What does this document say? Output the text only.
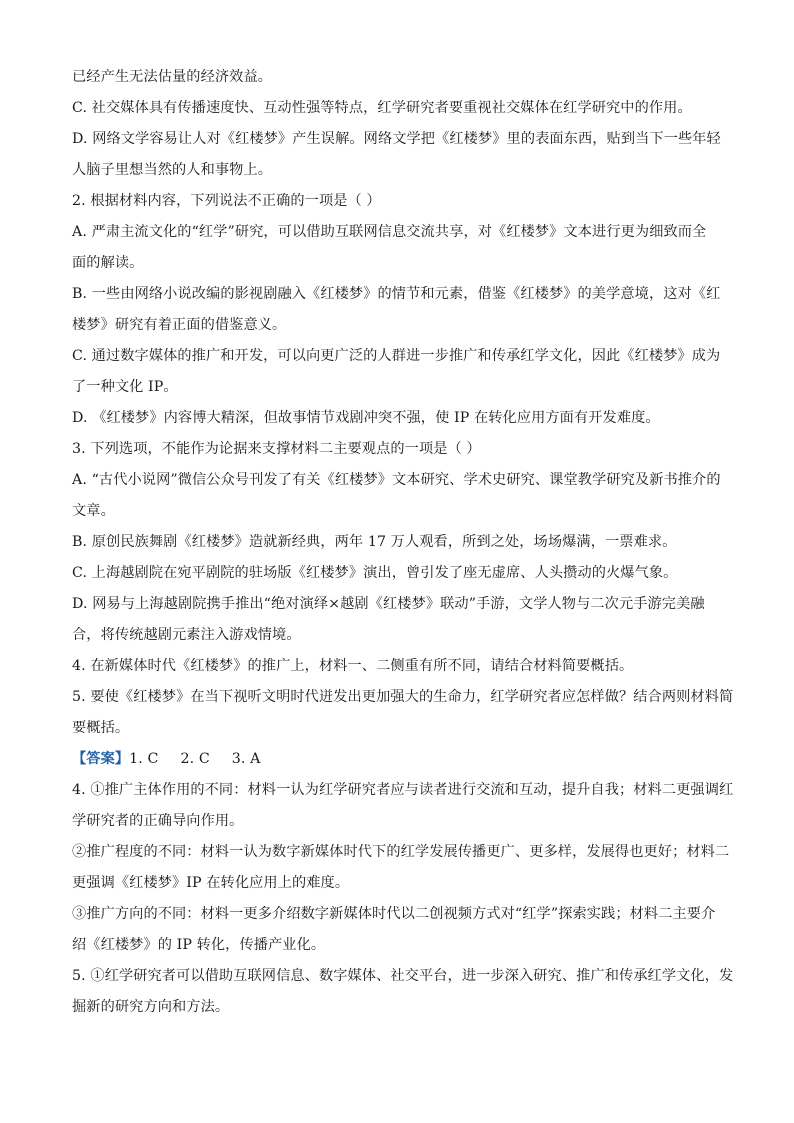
已经产生无法估量的经济效益。
C. 社交媒体具有传播速度快、互动性强等特点，红学研究者要重视社交媒体在红学研究中的作用。
D. 网络文学容易让人对《红楼梦》产生误解。网络文学把《红楼梦》里的表面东西，贴到当下一些年轻
人脑子里想当然的人和事物上。
2. 根据材料内容，下列说法不正确的一项是（ ）
A. 严肃主流文化的“红学”研究，可以借助互联网信息交流共享，对《红楼梦》文本进行更为细致而全
面的解读。
B. 一些由网络小说改编的影视剧融入《红楼梦》的情节和元素，借鉴《红楼梦》的美学意境，这对《红
楼梦》研究有着正面的借鉴意义。
C. 通过数字媒体的推广和开发，可以向更广泛的人群进一步推广和传承红学文化，因此《红楼梦》成为
了一种文化 IP。
D. 《红楼梦》内容博大精深，但故事情节戏剧冲突不强，使 IP 在转化应用方面有开发难度。
3. 下列选项，不能作为论据来支撑材料二主要观点的一项是（ ）
A. “古代小说网”微信公众号刊发了有关《红楼梦》文本研究、学术史研究、课堂教学研究及新书推介的
文章。
B. 原创民族舞剧《红楼梦》造就新经典，两年 17 万人观看，所到之处，场场爆满，一票难求。
C. 上海越剧院在宛平剧院的驻场版《红楼梦》演出，曾引发了座无虚席、人头攒动的火爆气象。
D. 网易与上海越剧院携手推出“绝对演绎×越剧《红楼梦》联动”手游，文学人物与二次元手游完美融
合，将传统越剧元素注入游戏情境。
4. 在新媒体时代《红楼梦》的推广上，材料一、二侧重有所不同，请结合材料简要概括。
5. 要使《红楼梦》在当下视听文明时代迸发出更加强大的生命力，红学研究者应怎样做？结合两则材料简
要概括。
【答案】1. C 2. C 3. A
4. ①推广主体作用的不同：材料一认为红学研究者应与读者进行交流和互动，提升自我；材料二更强调红
学研究者的正确导向作用。
②推广程度的不同：材料一认为数字新媒体时代下的红学发展传播更广、更多样，发展得也更好；材料二
更强调《红楼梦》IP 在转化应用上的难度。
③推广方向的不同：材料一更多介绍数字新媒体时代以二创视频方式对“红学”探索实践；材料二主要介
绍《红楼梦》的 IP 转化，传播产业化。
5. ①红学研究者可以借助互联网信息、数字媒体、社交平台，进一步深入研究、推广和传承红学文化，发
掘新的研究方向和方法。
